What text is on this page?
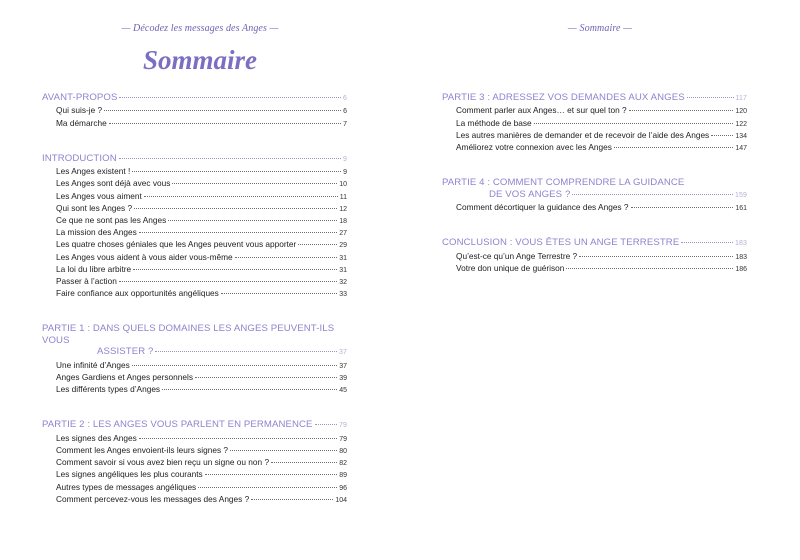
— Décodez les messages des Anges —
Sommaire
AVANT-PROPOS	6
Qui suis-je ?	6
Ma démarche	7
INTRODUCTION	9
Les Anges existent !	9
Les Anges sont déjà avec vous	10
Les Anges vous aiment	11
Qui sont les Anges ?	12
Ce que ne sont pas les Anges	18
La mission des Anges	27
Les quatre choses géniales que les Anges peuvent vous apporter	29
Les Anges vous aident à vous aider vous-même	31
La loi du libre arbitre	31
Passer à l’action	32
Faire confiance aux opportunités angéliques	33
PARTIE 1 : DANS QUELS DOMAINES LES ANGES PEUVENT-ILS VOUS
ASSISTER ?	37
Une infinité d’Anges	37
Anges Gardiens et Anges personnels	39
Les différents types d’Anges	45
PARTIE 2 : LES ANGES VOUS PARLENT EN PERMANENCE	79
Les signes des Anges	79
Comment les Anges envoient-ils leurs signes ?	80
Comment savoir si vous avez bien reçu un signe ou non ?	82
Les signes angéliques les plus courants	89
Autres types de messages angéliques	96
Comment percevez-vous les messages des Anges ?	104
— Sommaire —
PARTIE 3 : ADRESSEZ VOS DEMANDES AUX ANGES	117
Comment parler aux Anges… et sur quel ton ?	120
La méthode de base	122
Les autres manières de demander et de recevoir de l’aide des Anges	134
Améliorez votre connexion avec les Anges	147
PARTIE 4 : COMMENT COMPRENDRE LA GUIDANCE
DE VOS ANGES ?	159
Comment décortiquer la guidance des Anges ?	161
CONCLUSION : VOUS ÊTES UN ANGE TERRESTRE	183
Qu’est-ce qu’un Ange Terrestre ?	183
Votre don unique de guérison	186
